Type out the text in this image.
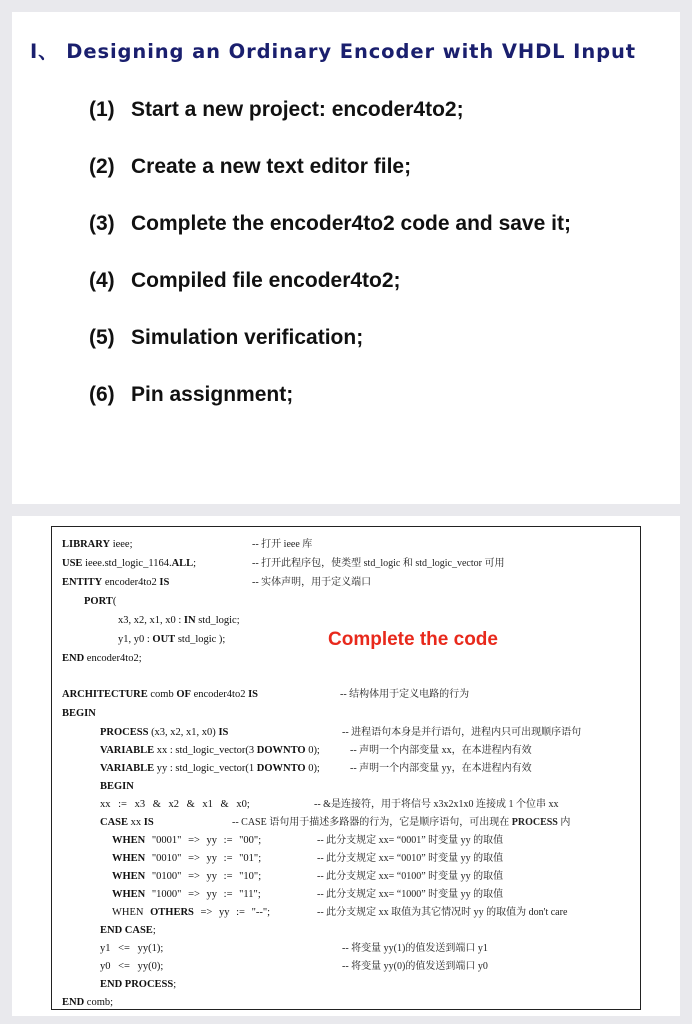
I、 Designing an Ordinary Encoder with VHDL Input
(1) Start a new project: encoder4to2;
(2) Create a new text editor file;
(3) Complete the encoder4to2 code and save it;
(4) Compiled file encoder4to2;
(5) Simulation verification;
(6) Pin assignment;
LIBRARY ieee;	-- 打开 ieee 库
USE ieee.std_logic_1164.ALL;	-- 打开此程序包，使类型 std_logic 和 std_logic_vector 可用
ENTITY encoder4to2 IS	-- 实体声明，用于定义端口
PORT(
x3, x2, x1, x0 : IN std_logic;
y1, y0 : OUT std_logic );	Complete the code
END encoder4to2;
ARCHITECTURE comb OF encoder4to2 IS	-- 结构体用于定义电路的行为
BEGIN
PROCESS (x3, x2, x1, x0) IS	-- 进程语句本身是并行语句，进程内只可出现顺序语句
VARIABLE xx : std_logic_vector(3 DOWNTO 0);	-- 声明一个内部变量 xx，在本进程内有效
VARIABLE yy : std_logic_vector(1 DOWNTO 0);	-- 声明一个内部变量 yy，在本进程内有效
BEGIN
xx := x3 & x2 & x1 & x0;	-- &是连接符，用于将信号 x3x2x1x0 连接成 1 个位串 xx
CASE xx IS	-- CASE 语句用于描述多路器的行为，它是顺序语句，可出现在 PROCESS 内
WHEN "0001" => yy := "00";	-- 此分支规定 xx= “0001” 时变量 yy 的取值
WHEN "0010" => yy := "01";	-- 此分支规定 xx= “0010” 时变量 yy 的取值
WHEN "0100" => yy := "10";	-- 此分支规定 xx= “0100” 时变量 yy 的取值
WHEN "1000" => yy := "11";	-- 此分支规定 xx= “1000” 时变量 yy 的取值
WHEN OTHERS => yy := "--";	-- 此分支规定 xx 取值为其它情况时 yy 的取值为 don't care
END CASE;
y1 <= yy(1);	-- 将变量 yy(1)的值发送到端口 y1
y0 <= yy(0);	-- 将变量 yy(0)的值发送到端口 y0
END PROCESS;
END comb;
